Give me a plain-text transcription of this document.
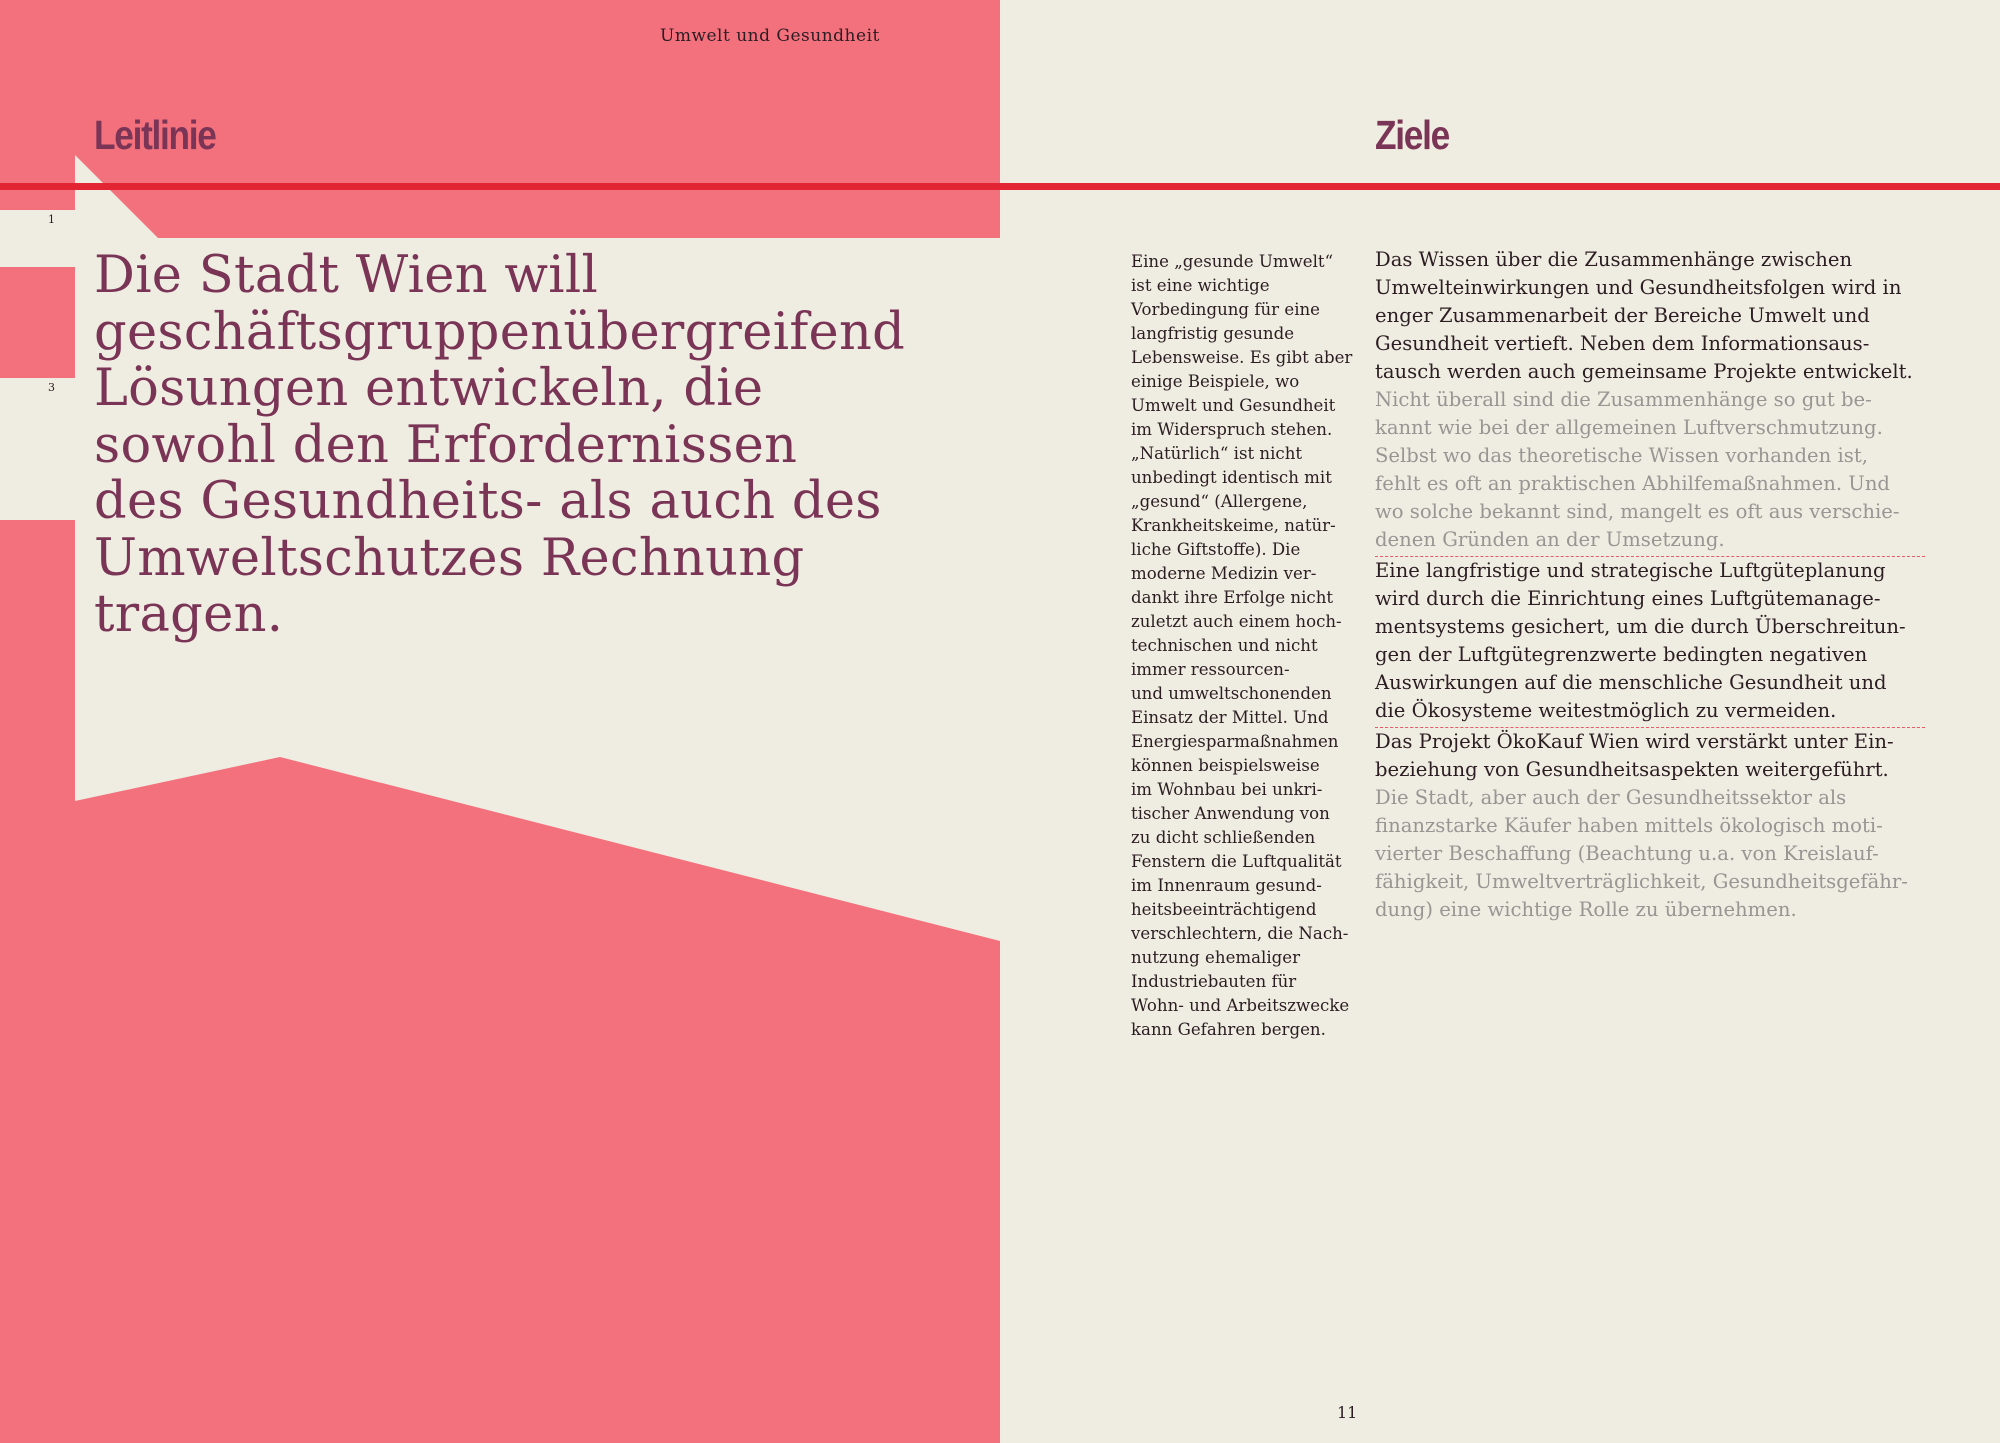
1
3
Umwelt und Gesundheit
Leitlinie	Ziele
Die Stadt Wien will
geschäftsgruppenübergreifend
Lösungen entwickeln, die
sowohl den Erfordernissen
des Gesundheits- als auch des
Umweltschutzes Rechnung
tragen.
Eine „gesunde Umwelt“
ist eine wichtige
Vorbedingung für eine
langfristig gesunde
Lebensweise. Es gibt aber
einige Beispiele, wo
Umwelt und Gesundheit
im Widerspruch stehen.
„Natürlich“ ist nicht
unbedingt identisch mit
„gesund“ (Allergene,
Krankheitskeime, natür-
liche Giftstoffe). Die
moderne Medizin ver-
dankt ihre Erfolge nicht
zuletzt auch einem hoch-
technischen und nicht
immer ressourcen-
und umweltschonenden
Einsatz der Mittel. Und
Energiesparmaßnahmen
können beispielsweise
im Wohnbau bei unkri-
tischer Anwendung von
zu dicht schließenden
Fenstern die Luftqualität
im Innenraum gesund-
heitsbeeinträchtigend
verschlechtern, die Nach-
nutzung ehemaliger
Industriebauten für
Wohn- und Arbeitszwecke
kann Gefahren bergen.
Das Wissen über die Zusammenhänge zwischen
Umwelteinwirkungen und Gesundheitsfolgen wird in
enger Zusammenarbeit der Bereiche Umwelt und
Gesundheit vertieft. Neben dem Informationsaus-
tausch werden auch gemeinsame Projekte entwickelt.
Nicht überall sind die Zusammenhänge so gut be-
kannt wie bei der allgemeinen Luftverschmutzung.
Selbst wo das theoretische Wissen vorhanden ist,
fehlt es oft an praktischen Abhilfemaßnahmen. Und
wo solche bekannt sind, mangelt es oft aus verschie-
denen Gründen an der Umsetzung.
Eine langfristige und strategische Luftgüteplanung
wird durch die Einrichtung eines Luftgütemanage-
mentsystems gesichert, um die durch Überschreitun-
gen der Luftgütegrenzwerte bedingten negativen
Auswirkungen auf die menschliche Gesundheit und
die Ökosysteme weitestmöglich zu vermeiden.
Das Projekt ÖkoKauf Wien wird verstärkt unter Ein-
beziehung von Gesundheitsaspekten weitergeführt.
Die Stadt, aber auch der Gesundheitssektor als
finanzstarke Käufer haben mittels ökologisch moti-
vierter Beschaffung (Beachtung u.a. von Kreislauf-
fähigkeit, Umweltverträglichkeit, Gesundheitsgefähr-
dung) eine wichtige Rolle zu übernehmen.
11
